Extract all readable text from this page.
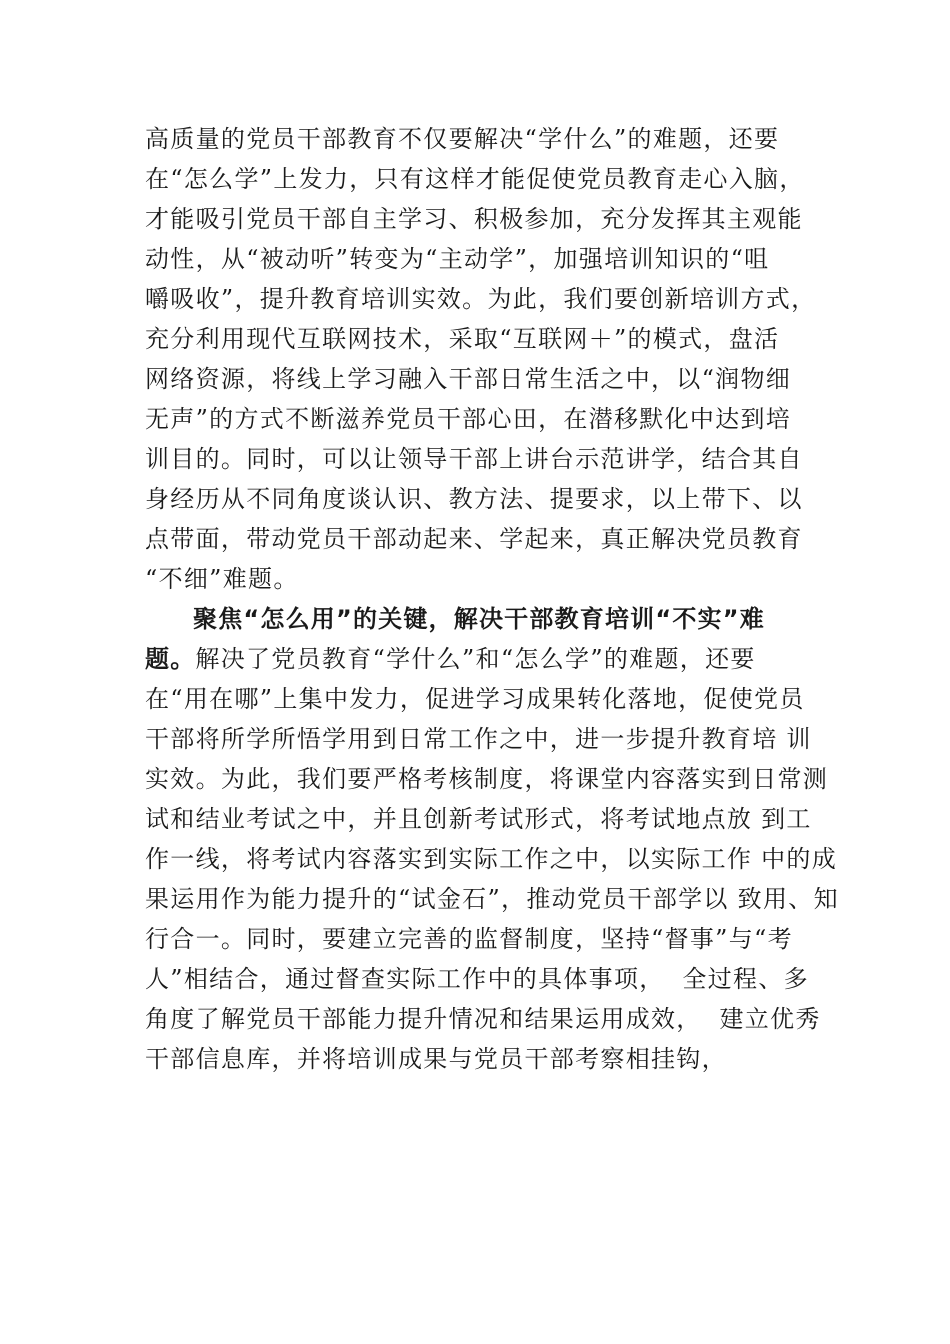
高质量的党员干部教育不仅要解决“学什么”的难题，还要
在“怎么学”上发力，只有这样才能促使党员教育走心入脑，
才能吸引党员干部自主学习、积极参加，充分发挥其主观能
动性，从“被动听”转变为“主动学”，加强培训知识的“咀
嚼吸收”，提升教育培训实效。为此，我们要创新培训方式，
充分利用现代互联网技术，采取“互联网＋”的模式，盘活
网络资源，将线上学习融入干部日常生活之中，以“润物细
无声”的方式不断滋养党员干部心田，在潜移默化中达到培
训目的。同时，可以让领导干部上讲台示范讲学，结合其自
身经历从不同角度谈认识、教方法、提要求，以上带下、以
点带面，带动党员干部动起来、学起来，真正解决党员教育
“不细”难题。
聚焦“怎么用”的关键，解决干部教育培训“不实”难
题。解决了党员教育“学什么”和“怎么学”的难题，还要
在“用在哪”上集中发力，促进学习成果转化落地，促使党员
干部将所学所悟学用到日常工作之中，进一步提升教育培 训
实效。为此，我们要严格考核制度，将课堂内容落实到日常测
试和结业考试之中，并且创新考试形式，将考试地点放 到工
作一线，将考试内容落实到实际工作之中，以实际工作 中的成
果运用作为能力提升的“试金石”，推动党员干部学以 致用、知
行合一。同时，要建立完善的监督制度，坚持“督事”与“考
人”相结合，通过督查实际工作中的具体事项，  全过程、多
角度了解党员干部能力提升情况和结果运用成效，  建立优秀
干部信息库，并将培训成果与党员干部考察相挂钩，
